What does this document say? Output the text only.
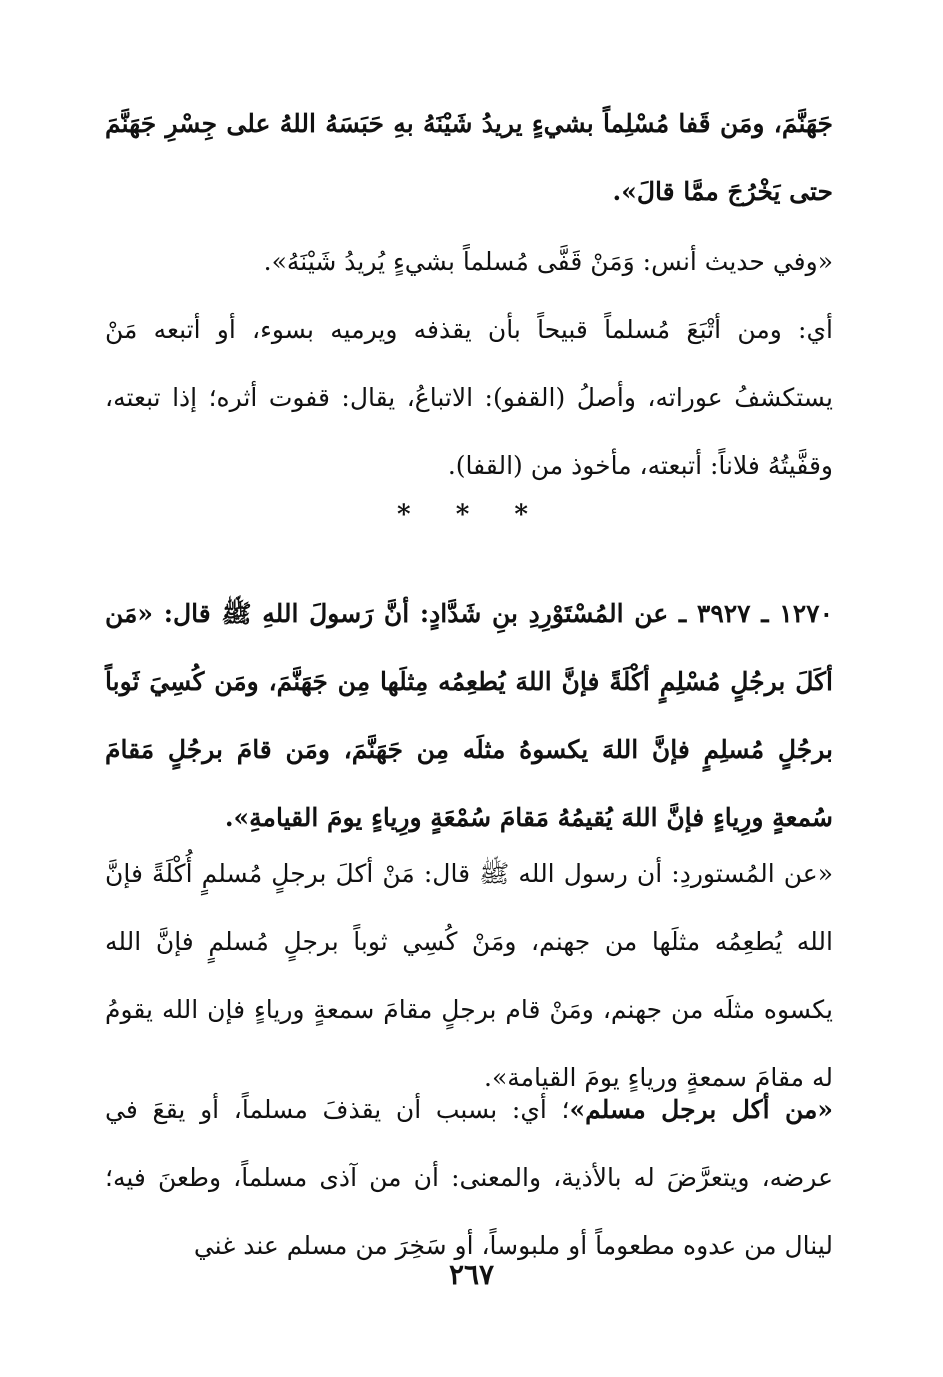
جَهَنَّمَ، ومَن قَفا مُسْلِماً بشيءٍ يريدُ شَيْنَهُ بهِ حَبَسَهُ اللهُ على جِسْرِ جَهَنَّمَ حتى يَخْرُجَ ممَّا قالَ».
«وفي حديث أنس: وَمَنْ قَفَّى مُسلماً بشيءٍ يُريدُ شَيْنَهُ».
أي: ومن أتْبَعَ مُسلماً قبيحاً بأن يقذفه ويرميه بسوء، أو أتبعه مَنْ يستكشفُ عوراته، وأصلُ (القفو): الاتباعُ، يقال: قفوت أثره؛ إذا تبعته، وقفَّيتُهُ فلاناً: أتبعته، مأخوذ من (القفا).
* * *
١٢٧٠ ـ ٣٩٢٧ ـ عن المُسْتَوْرِدِ بنِ شَدَّادٍ: أنَّ رَسولَ اللهِ ﷺ قال: «مَن أكَلَ برجُلٍ مُسْلِمٍ أكْلَةً فإنَّ اللهَ يُطعِمُه مِثلَها مِن جَهَنَّمَ، ومَن كُسِيَ ثَوباً برجُلٍ مُسلِمٍ فإنَّ اللهَ يكسوهُ مثلَه مِن جَهَنَّمَ، ومَن قامَ برجُلٍ مَقامَ سُمعةٍ ورِياءٍ فإنَّ اللهَ يُقيمُهُ مَقامَ سُمْعَةٍ ورِياءٍ يومَ القيامةِ».
«عن المُستوردِ: أن رسول الله ﷺ قال: مَنْ أكلَ برجلٍ مُسلمٍ أُكْلَةً فإنَّ الله يُطعِمُه مثلَها من جهنم، ومَنْ كُسِي ثوباً برجلٍ مُسلمٍ فإنَّ الله يكسوه مثلَه من جهنم، ومَنْ قام برجلٍ مقامَ سمعةٍ ورياءٍ فإن الله يقومُ له مقامَ سمعةٍ ورياءٍ يومَ القيامة».
«من أكل برجل مسلم»؛ أي: بسبب أن يقذفَ مسلماً، أو يقعَ في عرضه، ويتعرَّضَ له بالأذية، والمعنى: أن من آذى مسلماً، وطعنَ فيه؛ لينال من عدوه مطعوماً أو ملبوساً، أو سَخِرَ من مسلم عند غني
٢٦٧
